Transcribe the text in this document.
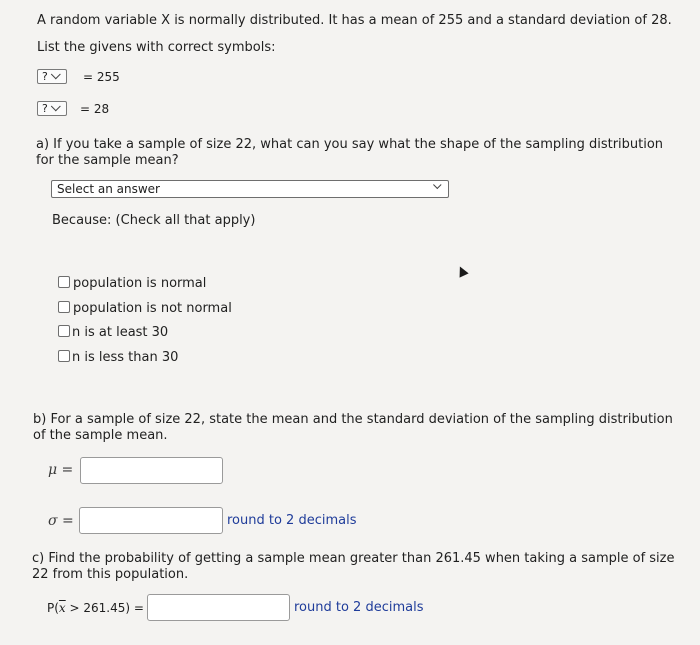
A random variable X is normally distributed. It has a mean of 255 and a standard deviation of 28.
List the givens with correct symbols:
?	= 255
?	= 28
a) If you take a sample of size 22, what can you say what the shape of the sampling distribution for the sample mean?
Select an answer
Because: (Check all that apply)
population is normal
population is not normal
n is at least 30
n is less than 30
b) For a sample of size 22, state the mean and the standard deviation of the sampling distribution of the sample mean.
μ =
σ =	round to 2 decimals
c) Find the probability of getting a sample mean greater than 261.45 when taking a sample of size 22 from this population.
$P(\overline{x} > 261.45)$ =	round to 2 decimals
